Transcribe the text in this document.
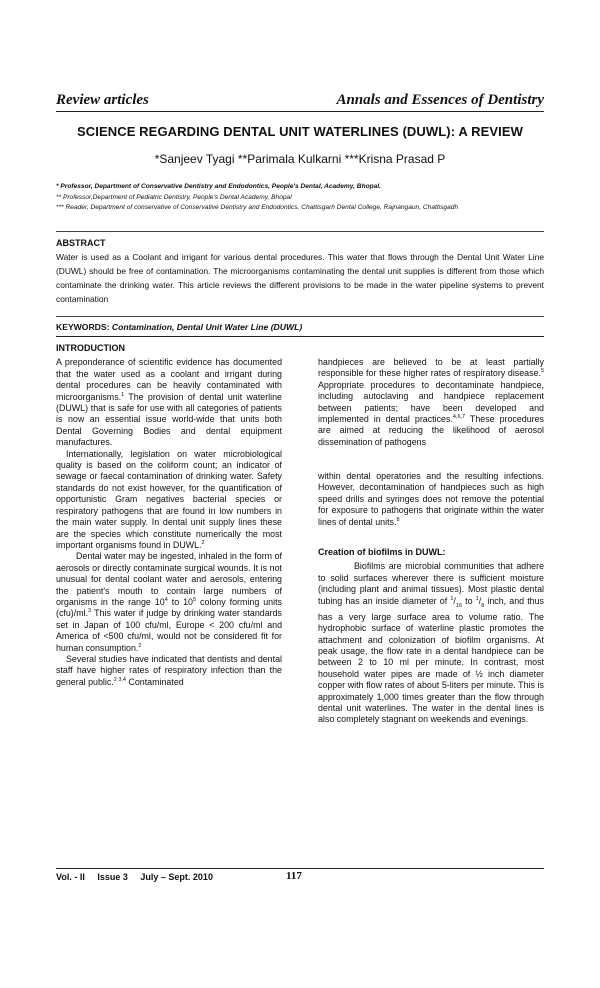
Review articles	Annals and Essences of Dentistry
SCIENCE REGARDING DENTAL UNIT WATERLINES (DUWL): A REVIEW
*Sanjeev Tyagi **Parimala Kulkarni ***Krisna Prasad P
* Professor, Department of Conservative Dentistry and Endodontics, People's Dental, Academy, Bhopal.
** Professor,Department of Pediatric Dentistry, People's Dental Academy, Bhopal
*** Reader, Department of conservative of Conservative Dentistry and Endodontics, Chattisgarh Dental College, Rajnangaun, Chattisgadh
ABSTRACT
Water is used as a Coolant and irrigant for various dental procedures. This water that flows through the Dental Unit Water Line (DUWL) should be free of contamination. The microorganisms contaminating the dental unit supplies is different from those which contaminate the drinking water. This article reviews the different provisions to be made in the water pipeline systems to prevent contamination
KEYWORDS: Contamination, Dental Unit Water Line (DUWL)

INTRODUCTION

A preponderance of scientific evidence has documented that the water used as a coolant and irrigant during dental procedures can be heavily contaminated with microorganisms.$^1$ The provision of dental unit waterline (DUWL) that is safe for use with all categories of patients is now an essential issue world-wide that units both Dental Governing Bodies and dental equipment manufactures.

Internationally, legislation on water microbiological quality is based on the coliform count; an indicator of sewage or faecal contamination of drinking water. Safety standards do not exist however, for the quantification of opportunistic Gram negatives bacterial species or respiratory pathogens that are found in low numbers in the main water supply. In dental unit supply lines these are the species which constitute numerically the most important organisms found in DUWL.$^2$

Dental water may be ingested, inhaled in the form of aerosols or directly contaminate surgical wounds. It is not unusual for dental coolant water and aerosols, entering the patient's mouth to contain large numbers of organisms in the range $10^4$ to $10^5$ colony forming units (cfu)/ml.$^3$ This water if judge by drinking water standards set in Japan of 100 cfu/ml, Europe < 200 cfu/ml and America of <500 cfu/ml, would not be considered fit for human consumption.$^2$

Several studies have indicated that dentists and dental staff have higher rates of respiratory infection than the general public.$^{2 3,4}$ Contaminated

handpieces are believed to be at least partially responsible for these higher rates of respiratory disease.$^5$ Appropriate procedures to decontaminate handpiece, including autoclaving and handpiece replacement between patients; have been developed and implemented in dental practices.$^{4,6,7}$ These procedures are aimed at reducing the likelihood of aerosol dissemination of pathogens

within dental operatories and the resulting infections. However, decontamination of handpieces such as high speed drills and syringes does not remove the potential for exposure to pathogens that originate within the water lines of dental units.$^8$

Creation of biofilms in DUWL:

Biofilms are microbial communities that adhere to solid surfaces wherever there is sufficient moisture (including plant and animal tissues). Most plastic dental tubing has an inside diameter of $^1/_{16}$ to $^1/_8$ inch, and thus has a very large surface area to volume ratio. The hydrophobic surface of waterline plastic promotes the attachment and colonization of biofilm organisms. At peak usage, the flow rate in a dental handpiece can be between 2 to 10 ml per minute. In contrast, most household water pipes are made of ½ inch diameter copper with flow rates of about 5-liters per minute. This is approximately 1,000 times greater than the flow through dental unit waterlines. The water in the dental lines is also completely stagnant on weekends and evenings.

Vol. - II Issue 3 July – Sept. 2010	117
